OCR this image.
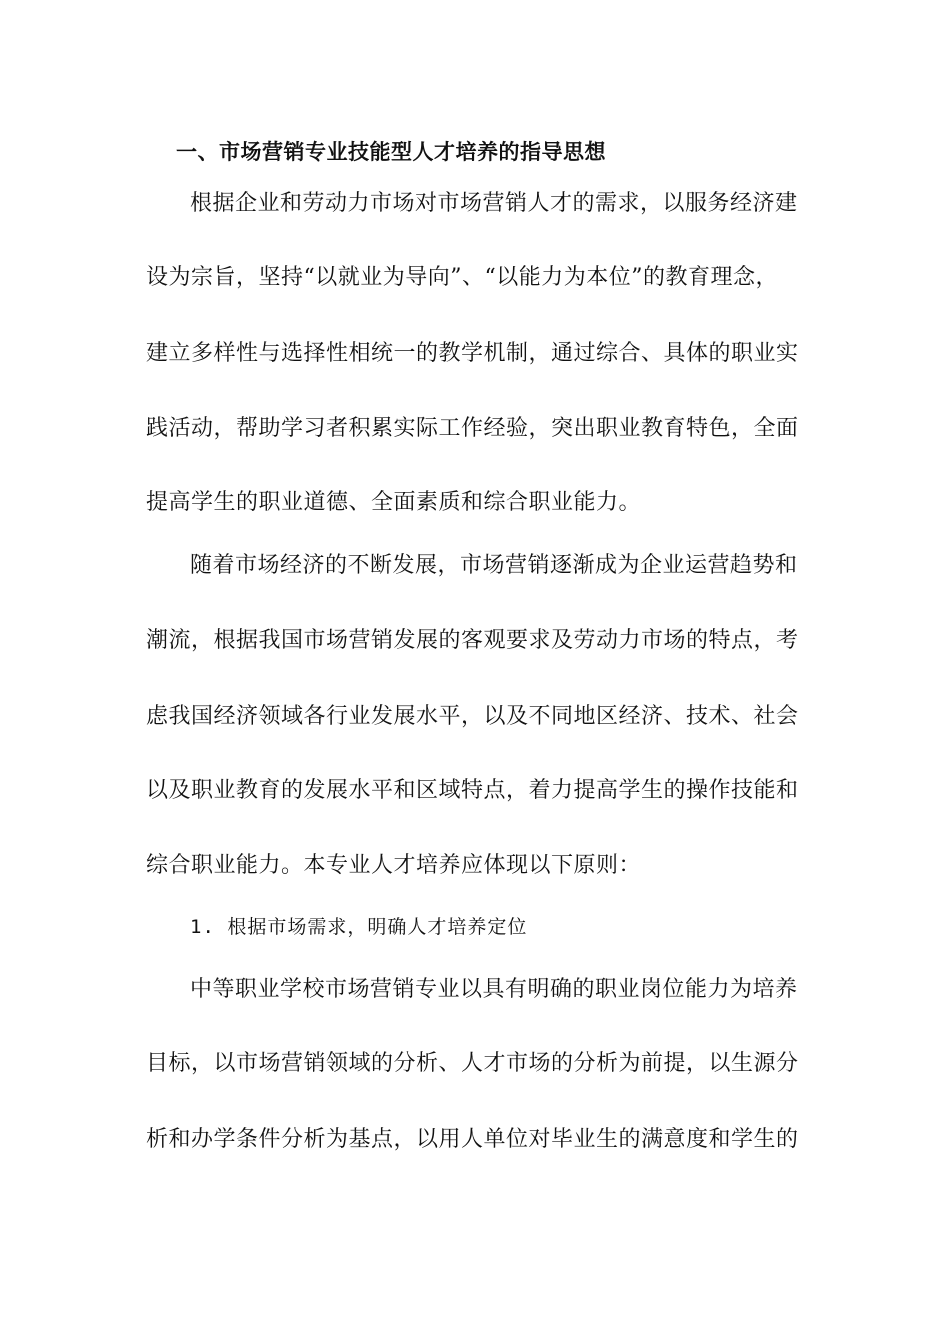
一、市场营销专业技能型人才培养的指导思想
根据企业和劳动力市场对市场营销人才的需求，以服务经济建
设为宗旨，坚持“以就业为导向”、“以能力为本位”的教育理念，
建立多样性与选择性相统一的教学机制，通过综合、具体的职业实
践活动，帮助学习者积累实际工作经验，突出职业教育特色，全面
提高学生的职业道德、全面素质和综合职业能力。
随着市场经济的不断发展，市场营销逐渐成为企业运营趋势和
潮流，根据我国市场营销发展的客观要求及劳动力市场的特点，考
虑我国经济领域各行业发展水平，以及不同地区经济、技术、社会
以及职业教育的发展水平和区域特点，着力提高学生的操作技能和
综合职业能力。本专业人才培养应体现以下原则：
1. 根据市场需求，明确人才培养定位
中等职业学校市场营销专业以具有明确的职业岗位能力为培养
目标，以市场营销领域的分析、人才市场的分析为前提，以生源分
析和办学条件分析为基点，以用人单位对毕业生的满意度和学生的
